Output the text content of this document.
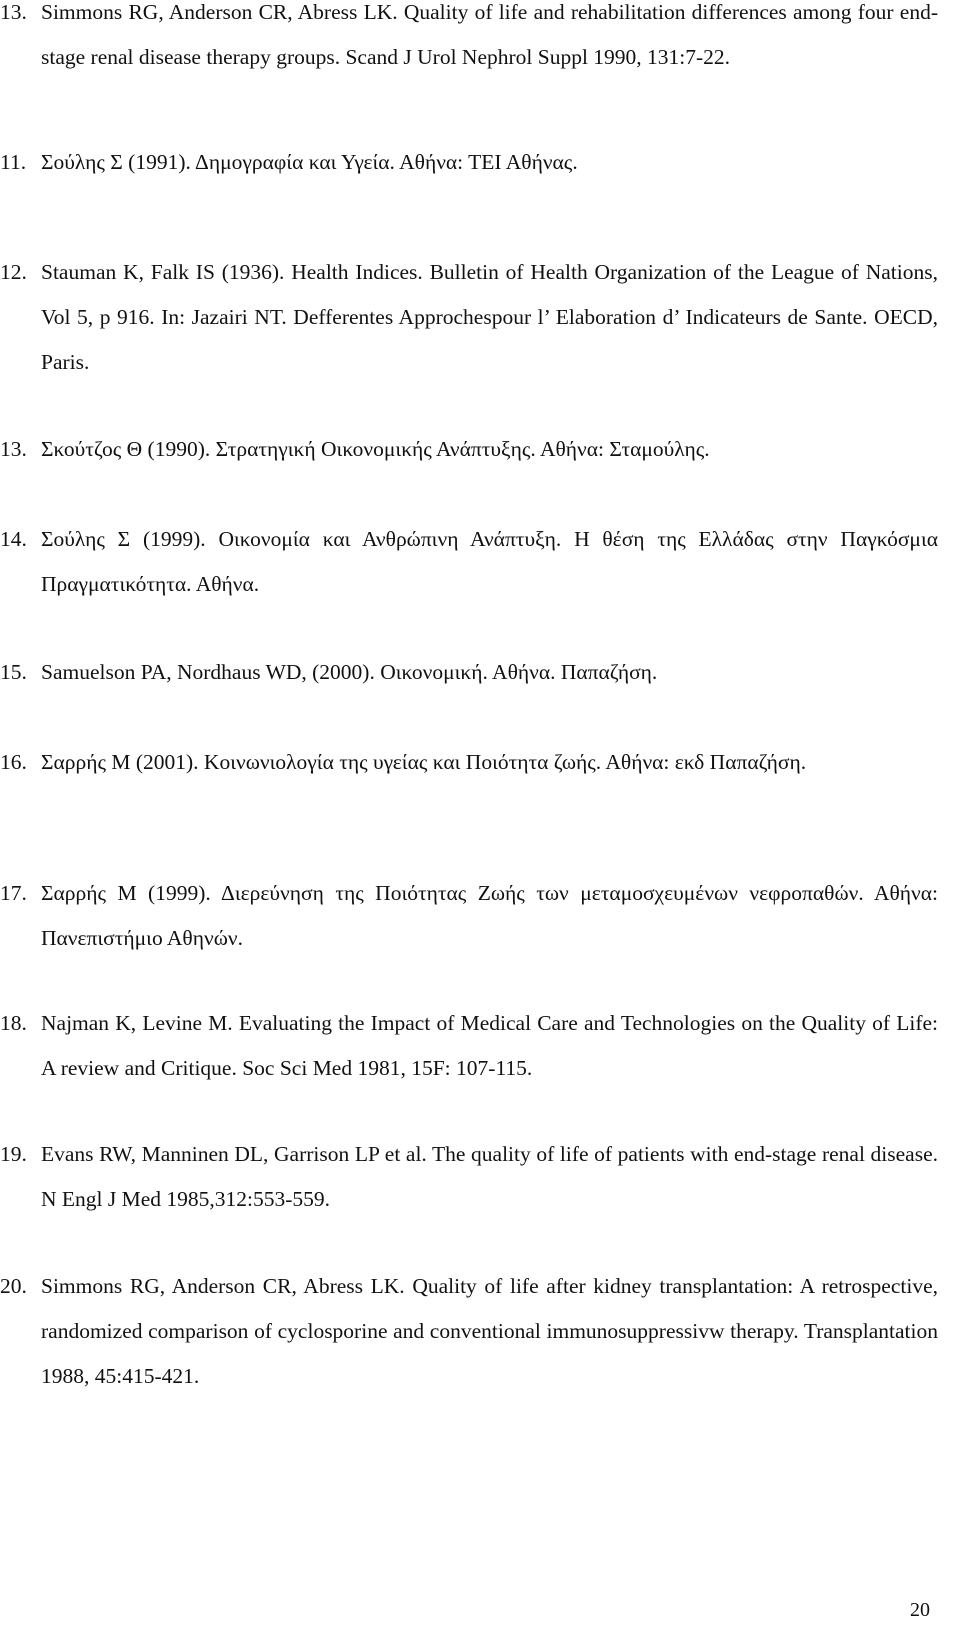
13. Simmons RG, Anderson CR, Abress LK. Quality of life and rehabilitation differences among four end-stage renal disease therapy groups. Scand J Urol Nephrol Suppl 1990, 131:7-22.
11. Σούλης Σ (1991). Δημογραφία και Υγεία. Αθήνα: ΤΕΙ Αθήνας.
12. Stauman K, Falk IS (1936). Health Indices. Bulletin of Health Organization of the League of Nations, Vol 5, p 916. In: Jazairi NT. Defferentes Approchespour l’ Elaboration d’ Indicateurs de Sante. OECD, Paris.
13. Σκούτζος Θ (1990). Στρατηγική Οικονομικής Ανάπτυξης. Αθήνα: Σταμούλης.
14. Σούλης Σ (1999). Οικονομία και Ανθρώπινη Ανάπτυξη. Η θέση της Ελλάδας στην Παγκόσμια Πραγματικότητα. Αθήνα.
15. Samuelson PA, Nordhaus WD, (2000). Οικονομική. Αθήνα. Παπαζήση.
16. Σαρρής Μ (2001). Κοινωνιολογία της υγείας και Ποιότητα ζωής. Αθήνα: εκδ Παπαζήση.
17. Σαρρής Μ (1999). Διερεύνηση της Ποιότητας Ζωής των μεταμοσχευμένων νεφροπαθών. Αθήνα: Πανεπιστήμιο Αθηνών.
18. Najman K, Levine M. Evaluating the Impact of Medical Care and Technologies on the Quality of Life: A review and Critique. Soc Sci Med 1981, 15F: 107-115.
19. Evans RW, Manninen DL, Garrison LP et al. The quality of life of patients with end-stage renal disease. N Engl J Med 1985,312:553-559.
20. Simmons RG, Anderson CR, Abress LK. Quality of life after kidney transplantation: A retrospective, randomized comparison of cyclosporine and conventional immunosuppressivw therapy. Transplantation 1988, 45:415-421.
20
